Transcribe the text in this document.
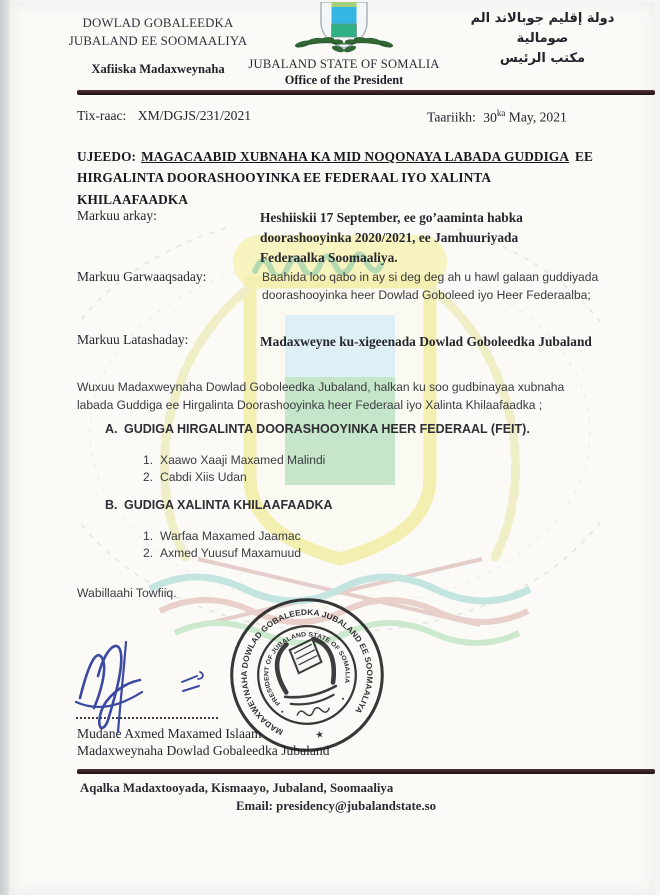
DOWLAD GOBALEEDKA
JUBALAND EE SOOMAALIYA
Xafiiska Madaxweynaha	JUBALAND STATE OF SOMALIA
Office of the President
دولة إقليم جوبالاند الم صومالية
مكتب الرئيس
Tix-raac: XM/DGJS/231/2021	Taariikh: $30^{ka}$ May, 2021
UJEEDO: MAGACAABID XUBNAHA KA MID NOQONAYA LABADA GUDDIGA EE
HIRGALINTA DOORASHOOYINKA EE FEDERAAL IYO XALINTA KHILAAFAADKA
Markuu arkay:	Heshiiskii 17 September, ee go’aaminta habka doorashooyinka 2020/2021, ee Jamhuuriyada Federaalka Soomaaliya.
Markuu Garwaaqsaday:	Baahida loo qabo in ay si deg deg ah u hawl galaan guddiyada doorashooyinka heer Dowlad Goboleed iyo Heer Federaalba;
Markuu Latashaday:	Madaxweyne ku-xigeenada Dowlad Goboleedka Jubaland
Wuxuu Madaxweynaha Dowlad Goboleedka Jubaland, halkan ku soo gudbinayaa xubnaha labada Guddiga ee Hirgalinta Doorashooyinka heer Federaal iyo Xalinta Khilaafaadka ;
A. GUDIGA HIRGALINTA DOORASHOOYINKA HEER FEDERAAL (FEIT).
1. Xaawo Xaaji Maxamed Malindi
2. Cabdi Xiis Udan
B. GUDIGA XALINTA KHILAAFAADKA
1. Warfaa Maxamed Jaamac
2. Axmed Yuusuf Maxamuud
Wabillaahi Towfiiq.
MADAXWEYNAHA DOWLAD GOBALEEDKA JUBALAND EE SOOMAALIYA
PRESIDENT OF JUBALAND STATE OF SOMALIA
★
•
•
Mudane Axmed Maxamed Islaam
Madaxweynaha Dowlad Gobaleedka Jubaland
Aqalka Madaxtooyada, Kismaayo, Jubaland, Soomaaliya
Email: presidency@jubalandstate.so
